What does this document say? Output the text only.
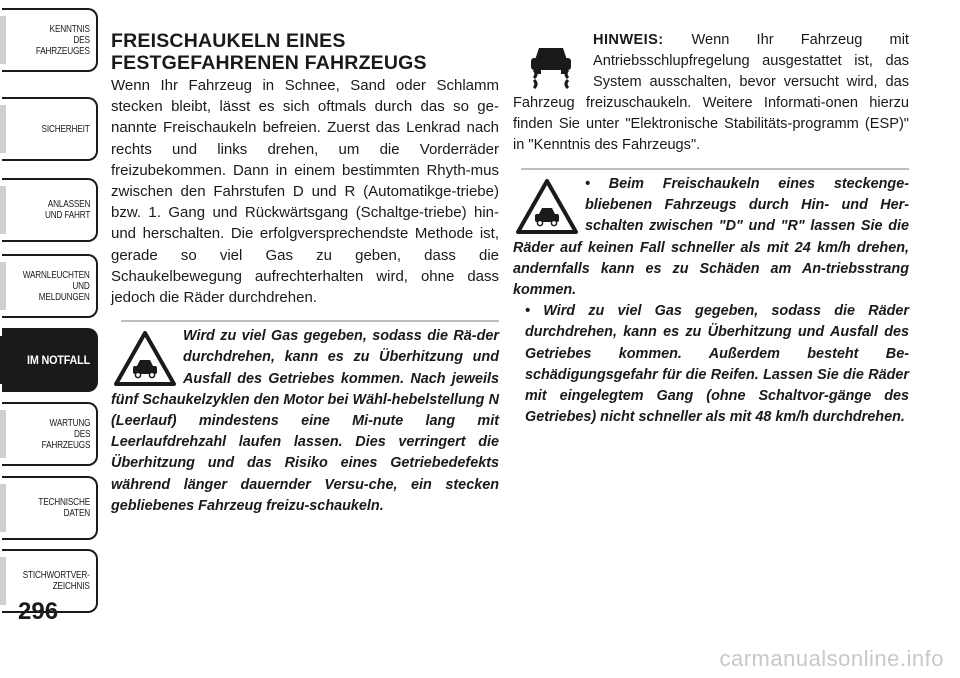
KENNTNIS
DES
FAHRZEUGES
SICHERHEIT
ANLASSEN
UND FAHRT
WARNLEUCHTEN
UND
MELDUNGEN
IM NOTFALL
WARTUNG
DES
FAHRZEUGS
TECHNISCHE
DATEN
STICHWORTVER-
ZEICHNIS
296
FREISCHAUKELN EINES
FESTGEFAHRENEN FAHRZEUGS

Wenn Ihr Fahrzeug in Schnee, Sand oder Schlamm stecken bleibt, lässt es sich oftmals durch das so ge-nannte Freischaukeln befreien. Zuerst das Lenkrad nach rechts und links drehen, um die Vorderräder freizubekommen. Dann in einem bestimmten Rhyth-mus zwischen den Fahrstufen D und R (Automatikge-triebe) bzw. 1. Gang und Rückwärtsgang (Schaltge-triebe) hin- und herschalten. Die erfolgversprechendste Methode ist, gerade so viel Gas zu geben, dass die Schaukelbewegung aufrechterhalten wird, ohne dass jedoch die Räder durchdrehen.

Wird zu viel Gas gegeben, sodass die Rä-der durchdrehen, kann es zu Überhitzung und Ausfall des Getriebes kommen. Nach jeweils fünf Schaukelzyklen den Motor bei Wähl-hebelstellung N (Leerlauf) mindestens eine Mi-nute lang mit Leerlaufdrehzahl laufen lassen. Dies verringert die Überhitzung und das Risiko eines Getriebedefekts während länger dauernder Versu-che, ein stecken gebliebenes Fahrzeug freizu-schaukeln.

HINWEIS: Wenn Ihr Fahrzeug mit Antriebsschlupfregelung ausgestattet ist, das System ausschalten, bevor versucht wird, das Fahrzeug freizuschaukeln. Weitere Informati-onen hierzu finden Sie unter "Elektronische Stabilitäts-programm (ESP)" in "Kenntnis des Fahrzeugs".

• Beim Freischaukeln eines steckenge-bliebenen Fahrzeugs durch Hin- und Her-schalten zwischen "D" und "R" lassen Sie die Räder auf keinen Fall schneller als mit 24 km/h drehen, andernfalls kann es zu Schäden am An-triebsstrang kommen.

• Wird zu viel Gas gegeben, sodass die Räder durchdrehen, kann es zu Überhitzung und Ausfall des Getriebes kommen. Außerdem besteht Be-schädigungsgefahr für die Reifen. Lassen Sie die Räder mit eingelegtem Gang (ohne Schaltvor-gänge des Getriebes) nicht schneller als mit 48 km/h durchdrehen.

carmanualsonline.info
